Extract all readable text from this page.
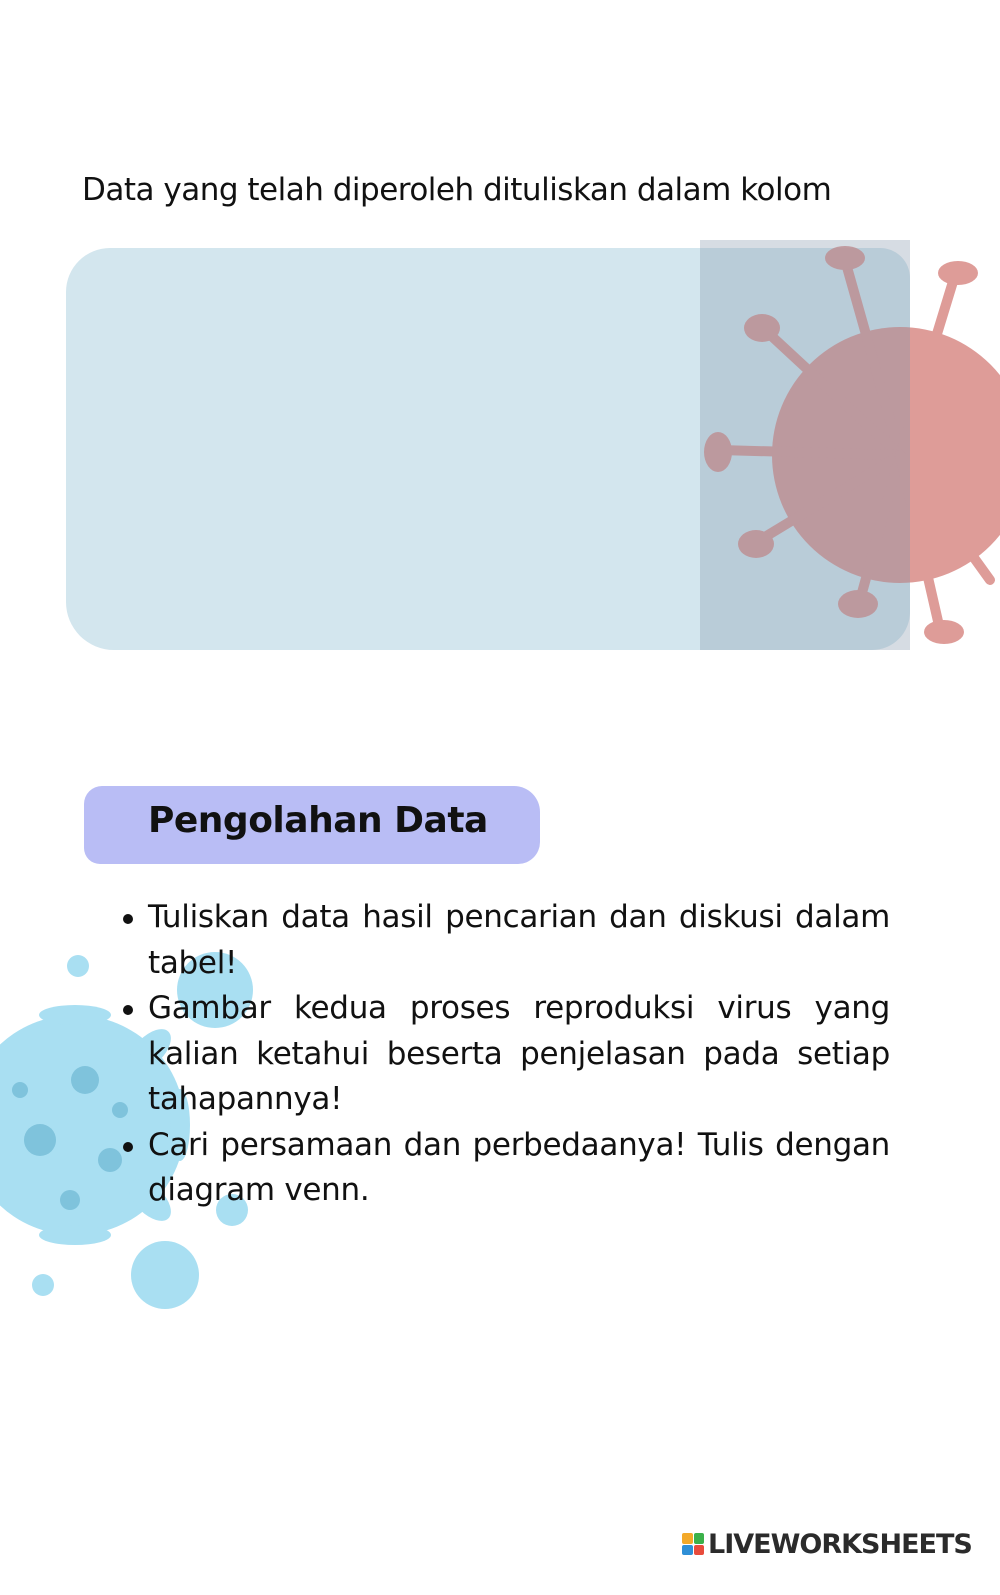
Data yang telah diperoleh dituliskan dalam kolom

Pengolahan Data
Tuliskan data hasil pencarian dan diskusi dalam tabel!
Gambar kedua proses reproduksi virus yang kalian ketahui beserta penjelasan pada setiap tahapannya!
Cari persamaan dan perbedaanya! Tulis dengan diagram venn.
LIVEWORKSHEETS
